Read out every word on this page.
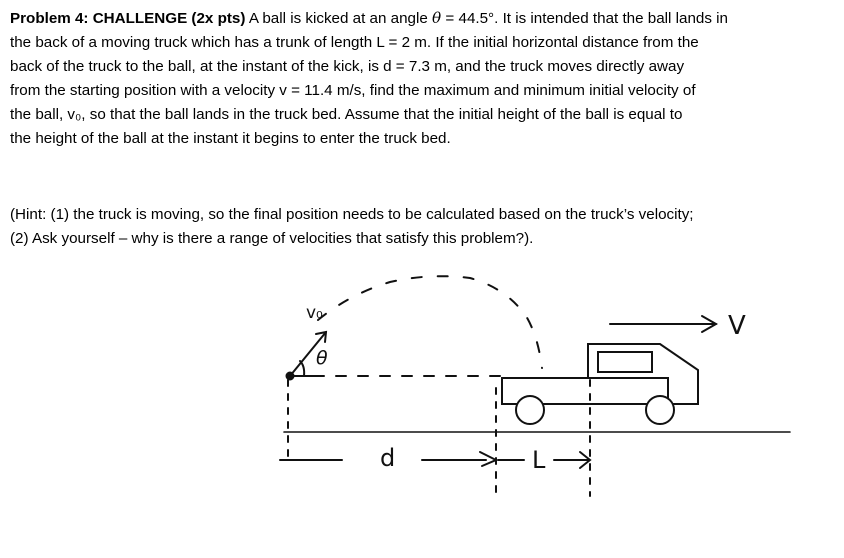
Problem 4: CHALLENGE (2x pts) A ball is kicked at an angle θ = 44.5°. It is intended that the ball lands in
the back of a moving truck which has a trunk of length L = 2 m. If the initial horizontal distance from the
back of the truck to the ball, at the instant of the kick, is d = 7.3 m, and the truck moves directly away
from the starting position with a velocity v = 11.4 m/s, find the maximum and minimum initial velocity of
the ball, v₀, so that the ball lands in the truck bed. Assume that the initial height of the ball is equal to
the height of the ball at the instant it begins to enter the truck bed.
(Hint: (1) the truck is moving, so the final position needs to be calculated based on the truck’s velocity;
(2) Ask yourself – why is there a range of velocities that satisfy this problem?).
θ
v₀
d	L
V
